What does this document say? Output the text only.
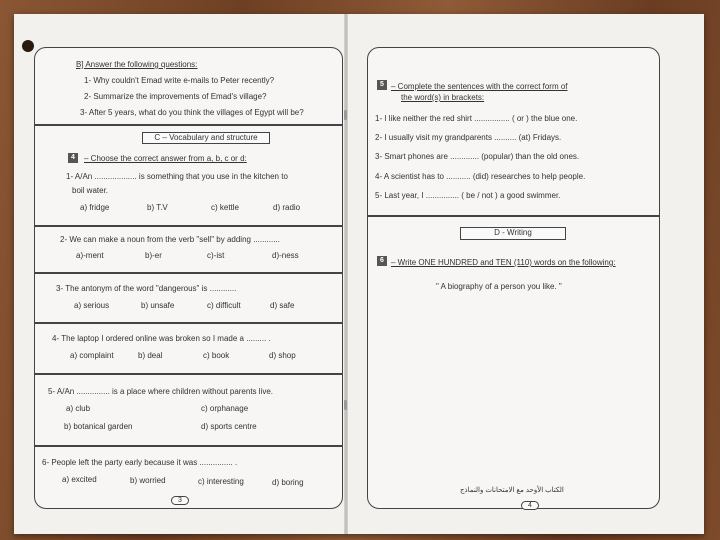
B] Answer the following questions:
1- Why couldn't Emad write e-mails to Peter recently?
2- Summarize the improvements of Emad's village?
3- After 5 years, what do you think the villages of Egypt will be?
C – Vocabulary and structure
4	– Choose the correct answer from a, b, c or d:
1- A/An ................... is something that you use in the kitchen to
boil water.
a) fridge	b) T.V	c) kettle	d) radio
2- We can make a noun from the verb "sell" by adding ............
a)-ment	b)-er	c)-ist	d)-ness
3- The antonym of the word "dangerous" is ............
a) serious	b) unsafe	c) difficult	d) safe
4- The laptop I ordered online was broken so I made a ......... .
a) complaint	b) deal	c) book	d) shop
5- A/An ............... is a place where children without parents live.
a) club	c) orphanage
b) botanical garden	d) sports centre
6- People left the party early because it was ............... .
a) excited	b) worried	c) interesting	d) boring
3
5 – Complete the sentences with the correct form of
the word(s) in brackets:
1- I like neither the red shirt ................ ( or ) the blue one.
2- I usually visit my grandparents .......... (at) Fridays.
3- Smart phones are ............. (popular) than the old ones.
4- A scientist has to ........... (did) researches to help people.
5- Last year, I ............... ( be / not ) a good swimmer.
D - Writing
6 – Write ONE HUNDRED and TEN (110) words on the following:
" A biography of a person you like. "
الكتاب الأوحد مع الامتحانات والنماذج
4
